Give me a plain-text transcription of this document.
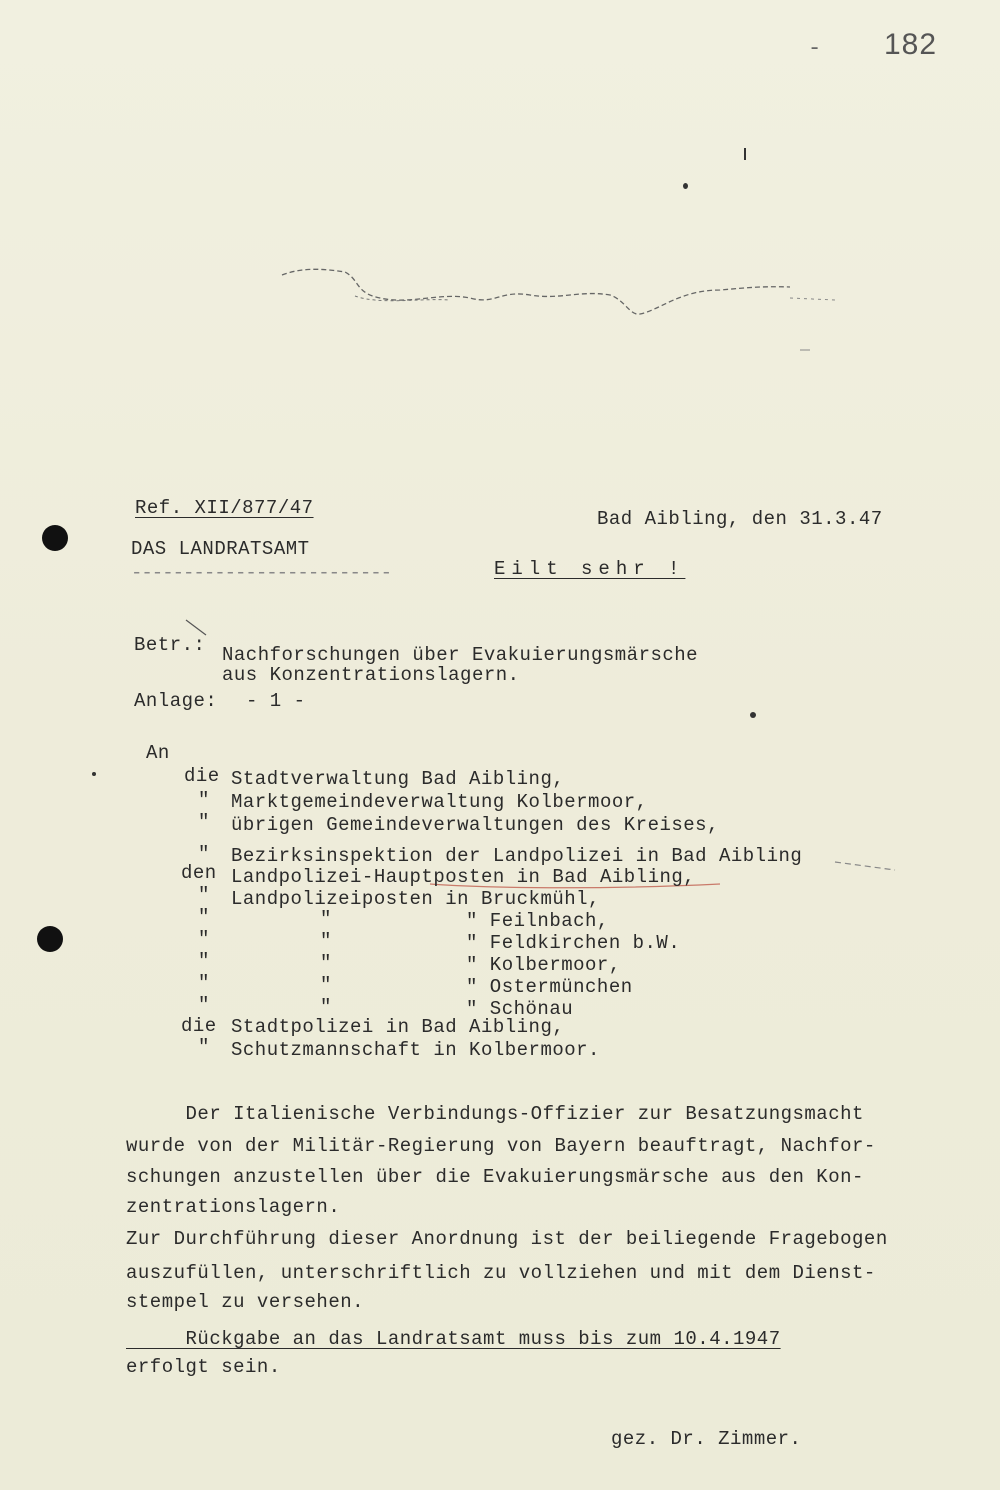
- 182
Ref. XII/877/47
DAS LANDRATSAMT
-------------------------
Bad Aibling, den 31.3.47
Eilt sehr !
Betr.: Nachforschungen über Evakuierungsmärsche
aus Konzentrationslagern.
Anlage: - 1 -
An
die Stadtverwaltung Bad Aibling,
" Marktgemeindeverwaltung Kolbermoor,
" übrigen Gemeindeverwaltungen des Kreises,
" Bezirksinspektion der Landpolizei in Bad Aibling
den Landpolizei-Hauptposten in Bad Aibling,
" Landpolizeiposten in Bruckmühl,
"	"	" Feilnbach,
"	"	" Feldkirchen b.W.
"	"	" Kolbermoor,
"	"	" Ostermünchen
"	"	" Schönau
die Stadtpolizei in Bad Aibling,
" Schutzmannschaft in Kolbermoor.
Der Italienische Verbindungs-Offizier zur Besatzungsmacht
wurde von der Militär-Regierung von Bayern beauftragt, Nachfor-
schungen anzustellen über die Evakuierungsmärsche aus den Kon-
zentrationslagern.
Zur Durchführung dieser Anordnung ist der beiliegende Fragebogen
auszufüllen, unterschriftlich zu vollziehen und mit dem Dienst-
stempel zu versehen.
Rückgabe an das Landratsamt muss bis zum 10.4.1947
erfolgt sein.
gez. Dr. Zimmer.
